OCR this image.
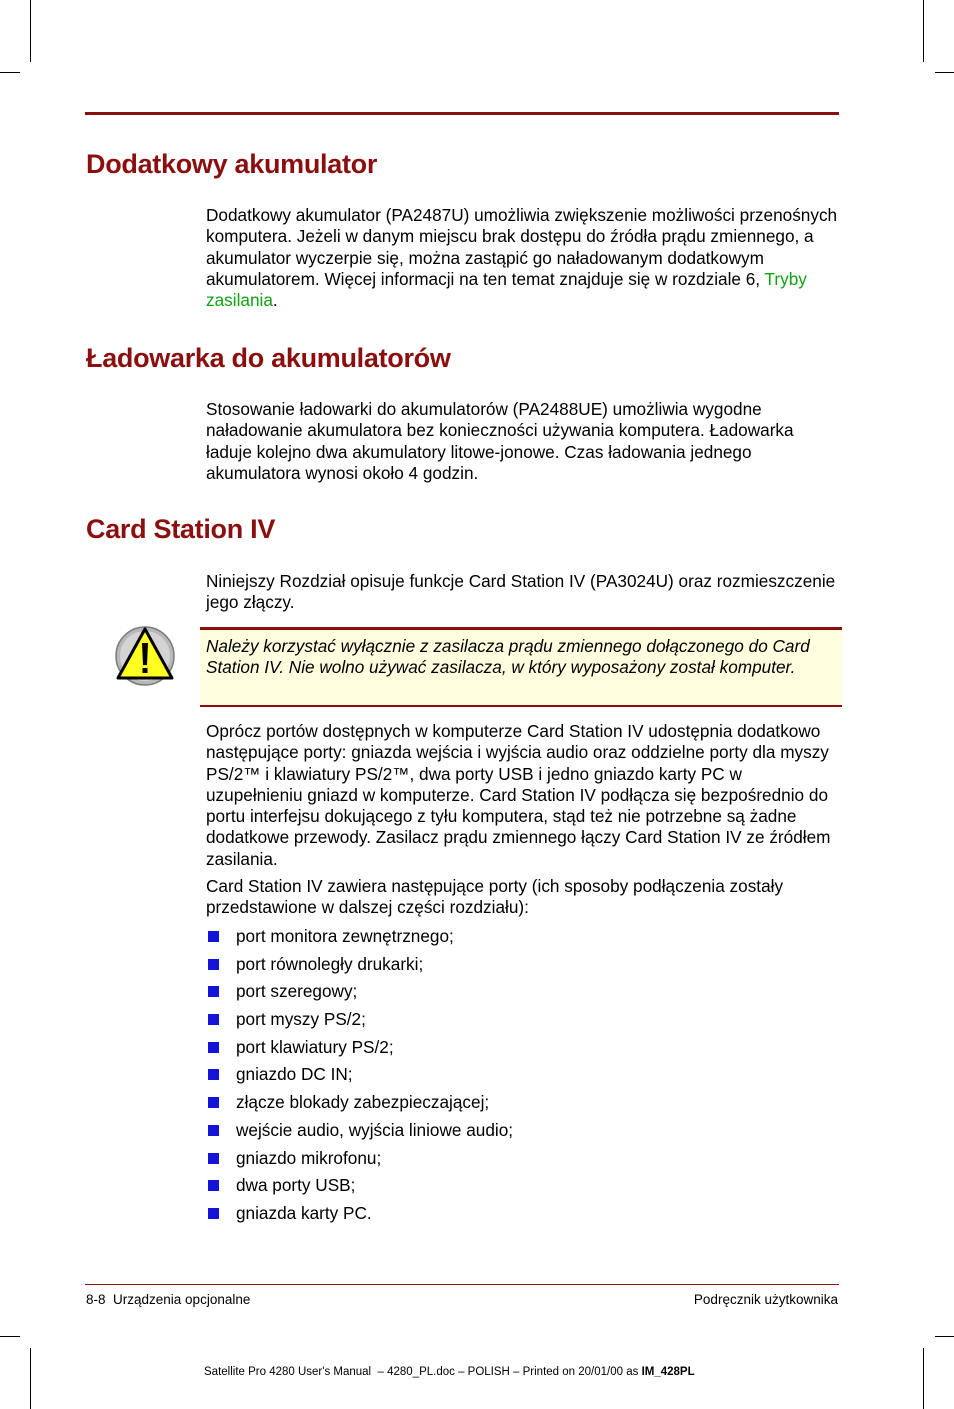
Dodatkowy akumulator

Dodatkowy akumulator (PA2487U) umożliwia zwiększenie możliwości przenośnych komputera. Jeżeli w danym miejscu brak dostępu do źródła prądu zmiennego, a akumulator wyczerpie się, można zastąpić go naładowanym dodatkowym akumulatorem. Więcej informacji na ten temat znajduje się w rozdziale 6, Tryby zasilania.

Ładowarka do akumulatorów

Stosowanie ładowarki do akumulatorów (PA2488UE) umożliwia wygodne naładowanie akumulatora bez konieczności używania komputera. Ładowarka ładuje kolejno dwa akumulatory litowe-jonowe. Czas ładowania jednego akumulatora wynosi około 4 godzin.

Card Station IV

Niniejszy Rozdział opisuje funkcje Card Station IV (PA3024U) oraz rozmieszczenie jego złączy.

Należy korzystać wyłącznie z zasilacza prądu zmiennego dołączonego do Card Station IV. Nie wolno używać zasilacza, w który wyposażony został komputer.

Oprócz portów dostępnych w komputerze Card Station IV udostępnia dodatkowo następujące porty: gniazda wejścia i wyjścia audio oraz oddzielne porty dla myszy PS/2™ i klawiatury PS/2™, dwa porty USB i jedno gniazdo karty PC w uzupełnieniu gniazd w komputerze. Card Station IV podłącza się bezpośrednio do portu interfejsu dokującego z tyłu komputera, stąd też nie potrzebne są żadne dodatkowe przewody. Zasilacz prądu zmiennego łączy Card Station IV ze źródłem zasilania.

Card Station IV zawiera następujące porty (ich sposoby podłączenia zostały przedstawione w dalszej części rozdziału):

port monitora zewnętrznego;
port równoległy drukarki;
port szeregowy;
port myszy PS/2;
port klawiatury PS/2;
gniazdo DC IN;
złącze blokady zabezpieczającej;
wejście audio, wyjścia liniowe audio;
gniazdo mikrofonu;
dwa porty USB;
gniazda karty PC.
8-8  Urządzenia opcjonalne	Podręcznik użytkownika
Satellite Pro 4280 User's Manual  – 4280_PL.doc – POLISH – Printed on 20/01/00 as IM_428PL
